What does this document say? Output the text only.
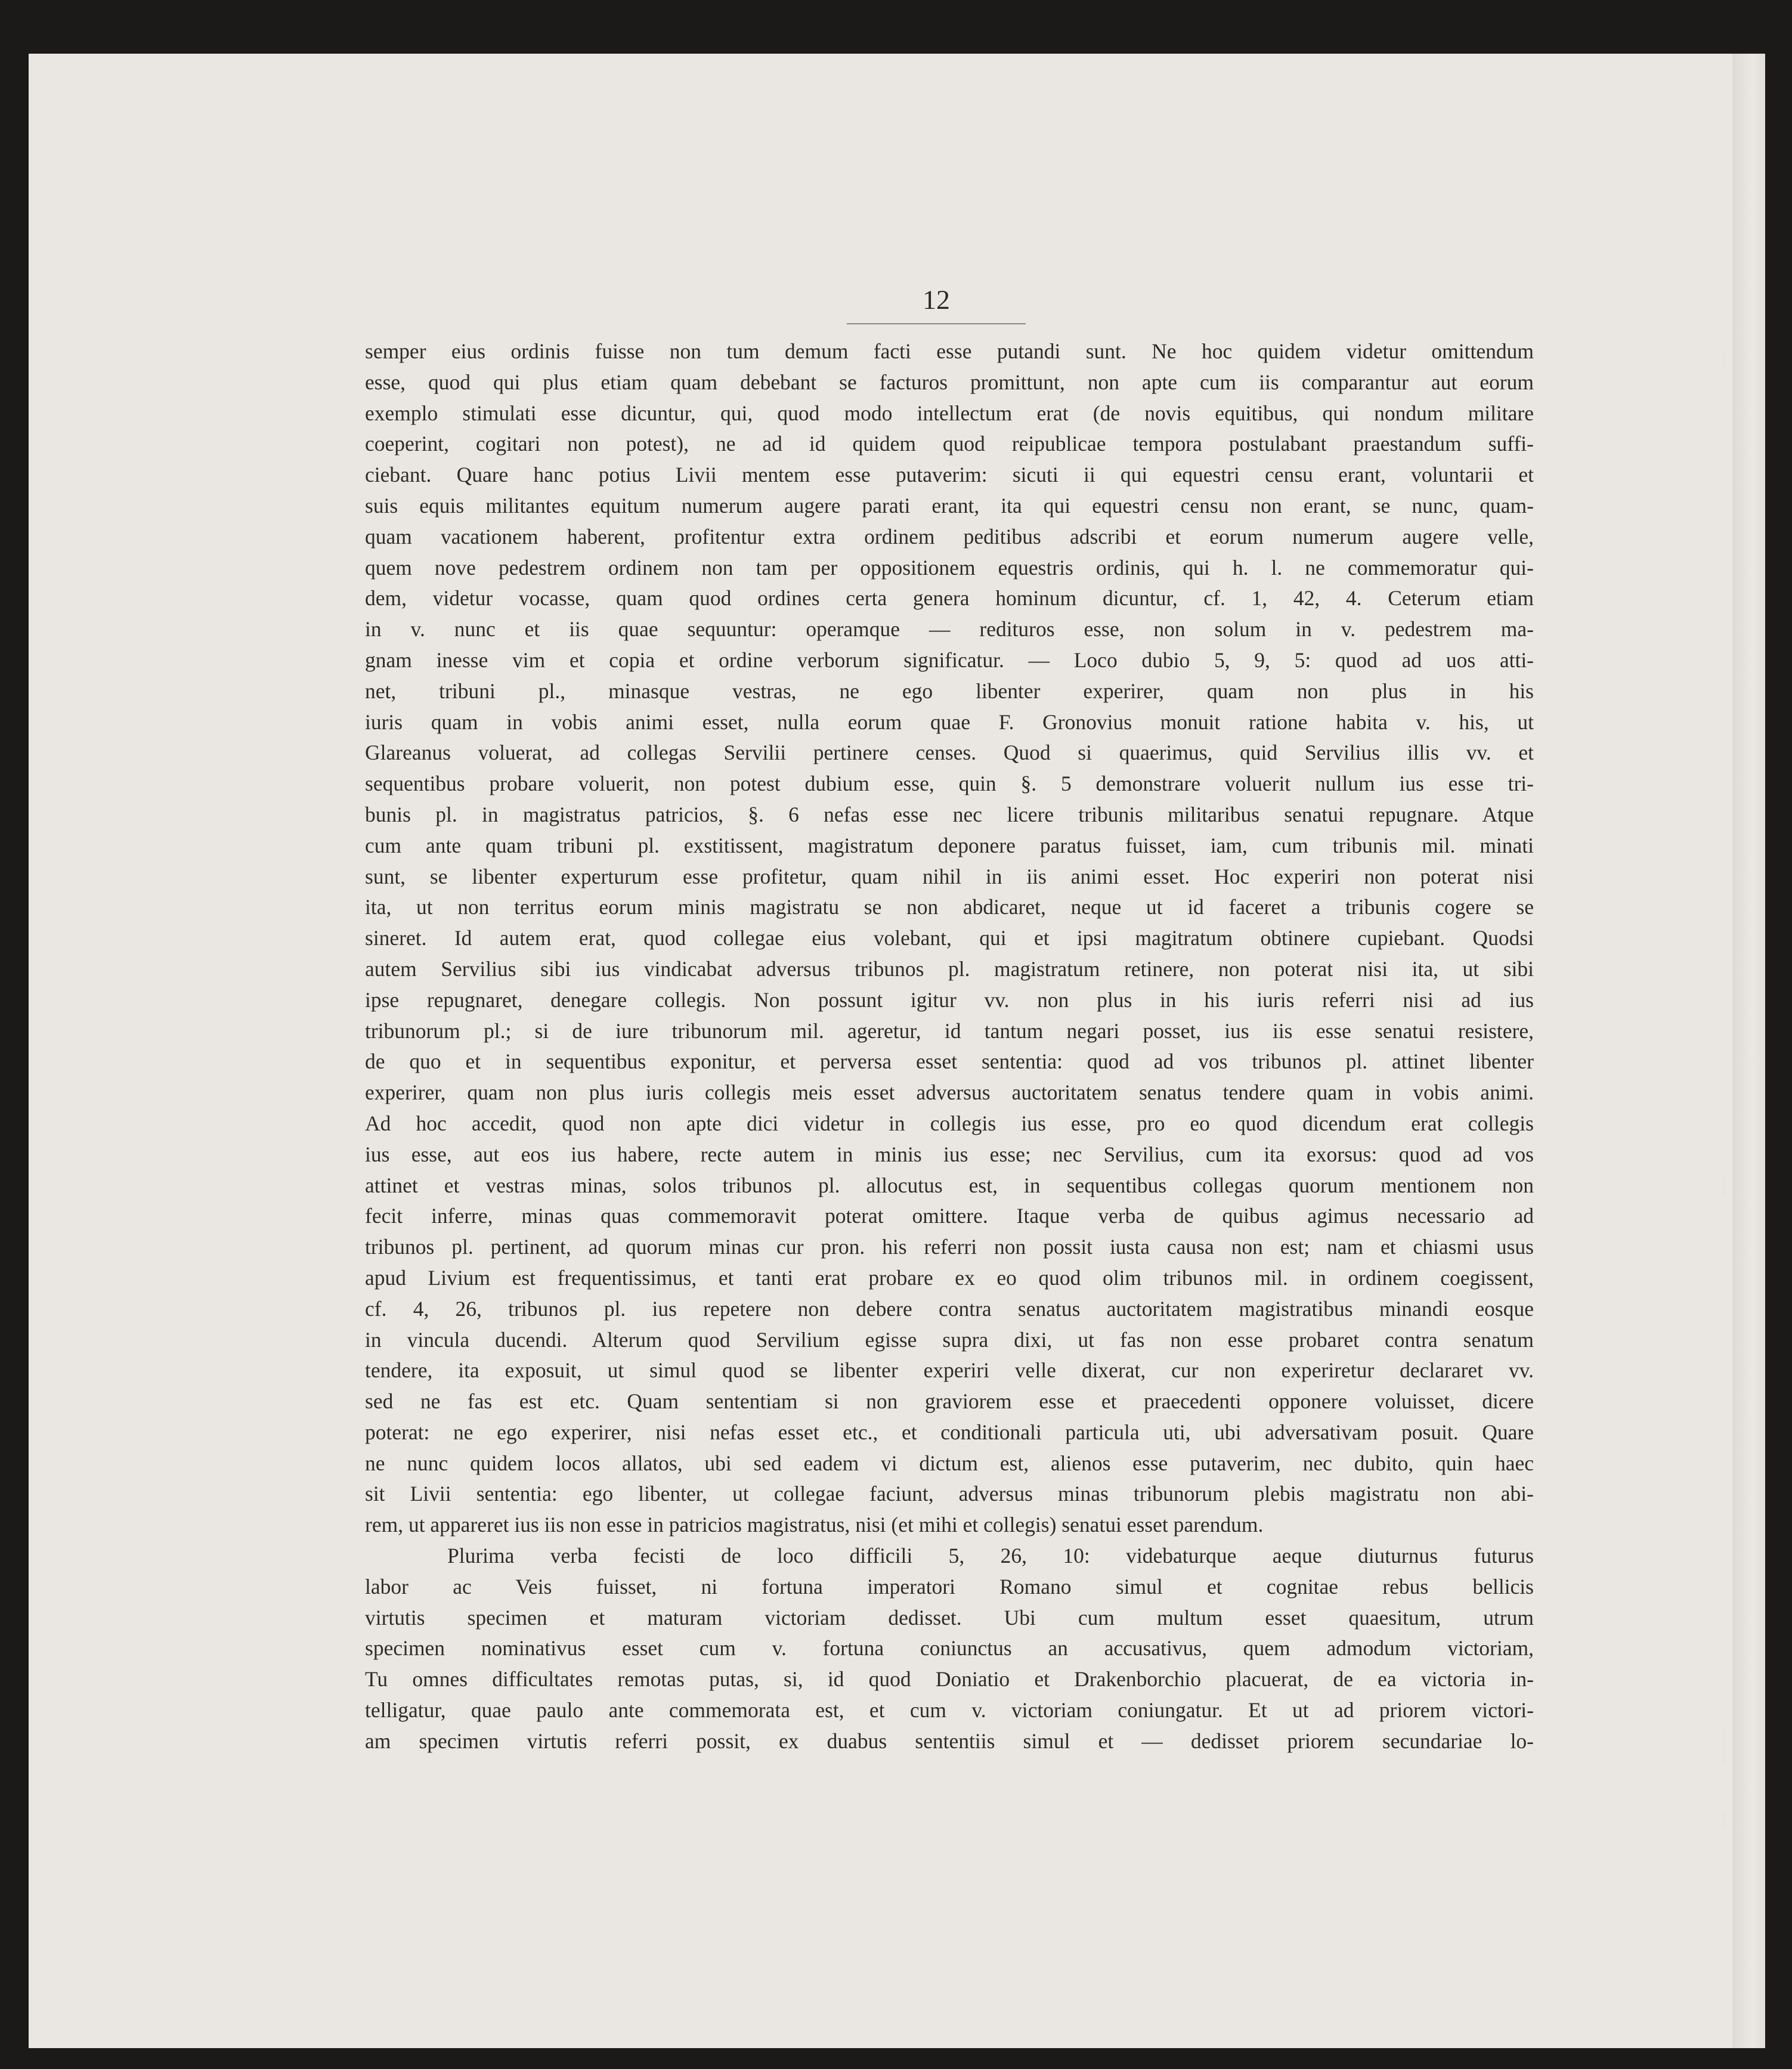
12
semper eius ordinis fuisse non tum demum facti esse putandi sunt. Ne hoc quidem videtur omittendum
esse, quod qui plus etiam quam debebant se facturos promittunt, non apte cum iis comparantur aut eorum
exemplo stimulati esse dicuntur, qui, quod modo intellectum erat (de novis equitibus, qui nondum militare
coeperint, cogitari non potest), ne ad id quidem quod reipublicae tempora postulabant praestandum suffi-
ciebant. Quare hanc potius Livii mentem esse putaverim: sicuti ii qui equestri censu erant, voluntarii et
suis equis militantes equitum numerum augere parati erant, ita qui equestri censu non erant, se nunc, quam-
quam vacationem haberent, profitentur extra ordinem peditibus adscribi et eorum numerum augere velle,
quem nove pedestrem ordinem non tam per oppositionem equestris ordinis, qui h. l. ne commemoratur qui-
dem, videtur vocasse, quam quod ordines certa genera hominum dicuntur, cf. 1, 42, 4. Ceterum etiam
in v. nunc et iis quae sequuntur: operamque — redituros esse, non solum in v. pedestrem ma-
gnam inesse vim et copia et ordine verborum significatur. — Loco dubio 5, 9, 5: quod ad uos atti-
net, tribuni pl., minasque vestras, ne ego libenter experirer, quam non plus in his
iuris quam in vobis animi esset, nulla eorum quae F. Gronovius monuit ratione habita v. his, ut
Glareanus voluerat, ad collegas Servilii pertinere censes. Quod si quaerimus, quid Servilius illis vv. et
sequentibus probare voluerit, non potest dubium esse, quin §. 5 demonstrare voluerit nullum ius esse tri-
bunis pl. in magistratus patricios, §. 6 nefas esse nec licere tribunis militaribus senatui repugnare. Atque
cum ante quam tribuni pl. exstitissent, magistratum deponere paratus fuisset, iam, cum tribunis mil. minati
sunt, se libenter experturum esse profitetur, quam nihil in iis animi esset. Hoc experiri non poterat nisi
ita, ut non territus eorum minis magistratu se non abdicaret, neque ut id faceret a tribunis cogere se
sineret. Id autem erat, quod collegae eius volebant, qui et ipsi magitratum obtinere cupiebant. Quodsi
autem Servilius sibi ius vindicabat adversus tribunos pl. magistratum retinere, non poterat nisi ita, ut sibi
ipse repugnaret, denegare collegis. Non possunt igitur vv. non plus in his iuris referri nisi ad ius
tribunorum pl.; si de iure tribunorum mil. ageretur, id tantum negari posset, ius iis esse senatui resistere,
de quo et in sequentibus exponitur, et perversa esset sententia: quod ad vos tribunos pl. attinet libenter
experirer, quam non plus iuris collegis meis esset adversus auctoritatem senatus tendere quam in vobis animi.
Ad hoc accedit, quod non apte dici videtur in collegis ius esse, pro eo quod dicendum erat collegis
ius esse, aut eos ius habere, recte autem in minis ius esse; nec Servilius, cum ita exorsus: quod ad vos
attinet et vestras minas, solos tribunos pl. allocutus est, in sequentibus collegas quorum mentionem non
fecit inferre, minas quas commemoravit poterat omittere. Itaque verba de quibus agimus necessario ad
tribunos pl. pertinent, ad quorum minas cur pron. his referri non possit iusta causa non est; nam et chiasmi usus
apud Livium est frequentissimus, et tanti erat probare ex eo quod olim tribunos mil. in ordinem coegissent,
cf. 4, 26, tribunos pl. ius repetere non debere contra senatus auctoritatem magistratibus minandi eosque
in vincula ducendi. Alterum quod Servilium egisse supra dixi, ut fas non esse probaret contra senatum
tendere, ita exposuit, ut simul quod se libenter experiri velle dixerat, cur non experiretur declararet vv.
sed ne fas est etc. Quam sententiam si non graviorem esse et praecedenti opponere voluisset, dicere
poterat: ne ego experirer, nisi nefas esset etc., et conditionali particula uti, ubi adversativam posuit. Quare
ne nunc quidem locos allatos, ubi sed eadem vi dictum est, alienos esse putaverim, nec dubito, quin haec
sit Livii sententia: ego libenter, ut collegae faciunt, adversus minas tribunorum plebis magistratu non abi-
rem, ut appareret ius iis non esse in patricios magistratus, nisi (et mihi et collegis) senatui esset parendum.
Plurima verba fecisti de loco difficili 5, 26, 10: videbaturque aeque diuturnus futurus
labor ac Veis fuisset, ni fortuna imperatori Romano simul et cognitae rebus bellicis
virtutis specimen et maturam victoriam dedisset. Ubi cum multum esset quaesitum, utrum
specimen nominativus esset cum v. fortuna coniunctus an accusativus, quem admodum victoriam,
Tu omnes difficultates remotas putas, si, id quod Doniatio et Drakenborchio placuerat, de ea victoria in-
telligatur, quae paulo ante commemorata est, et cum v. victoriam coniungatur. Et ut ad priorem victori-
am specimen virtutis referri possit, ex duabus sententiis simul et — dedisset priorem secundariae lo-
